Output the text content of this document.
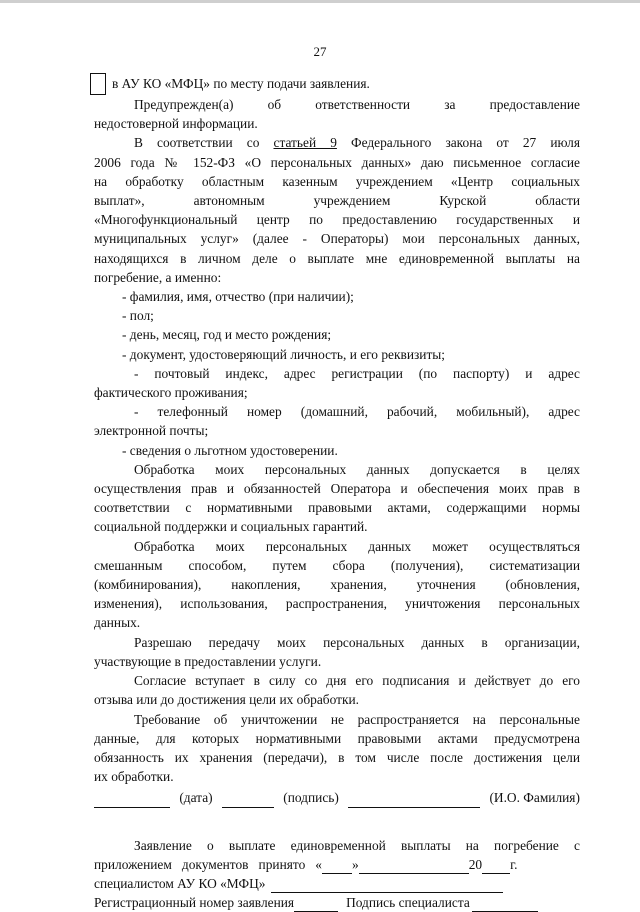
27

в АУ КО «МФЦ» по месту подачи заявления.

Предупрежден(а) об ответственности за предоставление

недостоверной информации.

В соответствии со статьей 9 Федерального закона от 27 июля

2006 года № 152-ФЗ «О персональных данных» даю письменное согласие

на обработку областным казенным учреждением «Центр социальных

выплат», автономным учреждением Курской области

«Многофункциональный центр по предоставлению государственных и

муниципальных услуг» (далее - Операторы) мои персональных данных,

находящихся в личном деле о выплате мне единовременной выплаты на

погребение, а именно:

- фамилия, имя, отчество (при наличии);

- пол;

- день, месяц, год и место рождения;

- документ, удостоверяющий личность, и его реквизиты;

- почтовый индекс, адрес регистрации (по паспорту) и адрес

фактического проживания;

- телефонный номер (домашний, рабочий, мобильный), адрес

электронной почты;

- сведения о льготном удостоверении.

Обработка моих персональных данных допускается в целях

осуществления прав и обязанностей Оператора и обеспечения моих прав в

соответствии с нормативными правовыми актами, содержащими нормы

социальной поддержки и социальных гарантий.

Обработка моих персональных данных может осуществляться

смешанным способом, путем сбора (получения), систематизации

(комбинирования), накопления, хранения, уточнения (обновления,

изменения), использования, распространения, уничтожения персональных

данных.

Разрешаю передачу моих персональных данных в организации,

участвующие в предоставлении услуги.

Согласие вступает в силу со дня его подписания и действует до его

отзыва или до достижения цели их обработки.

Требование об уничтожении не распространяется на персональные

данные, для которых нормативными правовыми актами предусмотрена

обязанность их хранения (передачи), в том числе после достижения цели

их обработки.

(дата)	(подпись)	(И.О. Фамилия)

Заявление о выплате единовременной выплаты на погребение с

приложением   документов   принято   « »	20 г.

специалистом АУ КО «МФЦ»

Регистрационный номер заявления	Подпись специалиста
